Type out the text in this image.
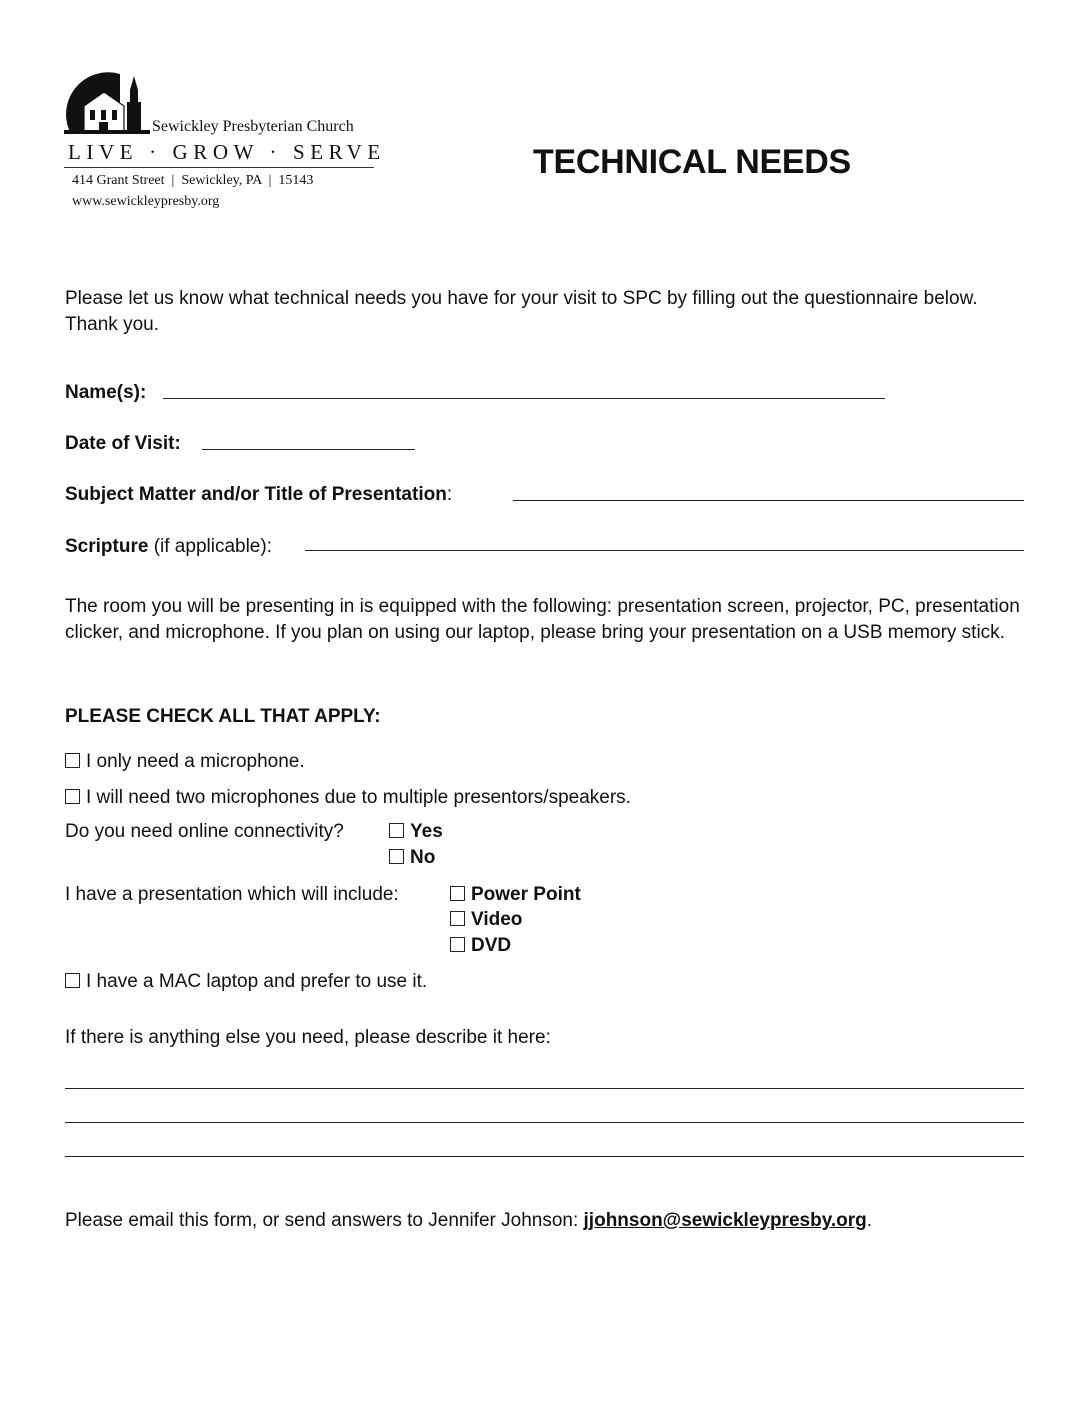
Sewickley Presbyterian Church
LIVE · GROW · SERVE
414 Grant Street  |  Sewickley, PA  |  15143
www.sewickleypresby.org
TECHNICAL NEEDS
Please let us know what technical needs you have for your visit to SPC by filling out the questionnaire below. Thank you.
Name(s):
Date of Visit:
Subject Matter and/or Title of Presentation:
Scripture (if applicable):
The room you will be presenting in is equipped with the following: presentation screen, projector, PC, presentation clicker, and microphone. If you plan on using our laptop, please bring your presentation on a USB memory stick.
PLEASE CHECK ALL THAT APPLY:
I only need a microphone.
I will need two microphones due to multiple presentors/speakers.
Do you need online connectivity?	Yes
No
I have a presentation which will include:	Power Point
Video
DVD
I have a MAC laptop and prefer to use it.
If there is anything else you need, please describe it here:
Please email this form, or send answers to Jennifer Johnson: jjohnson@sewickleypresby.org.
